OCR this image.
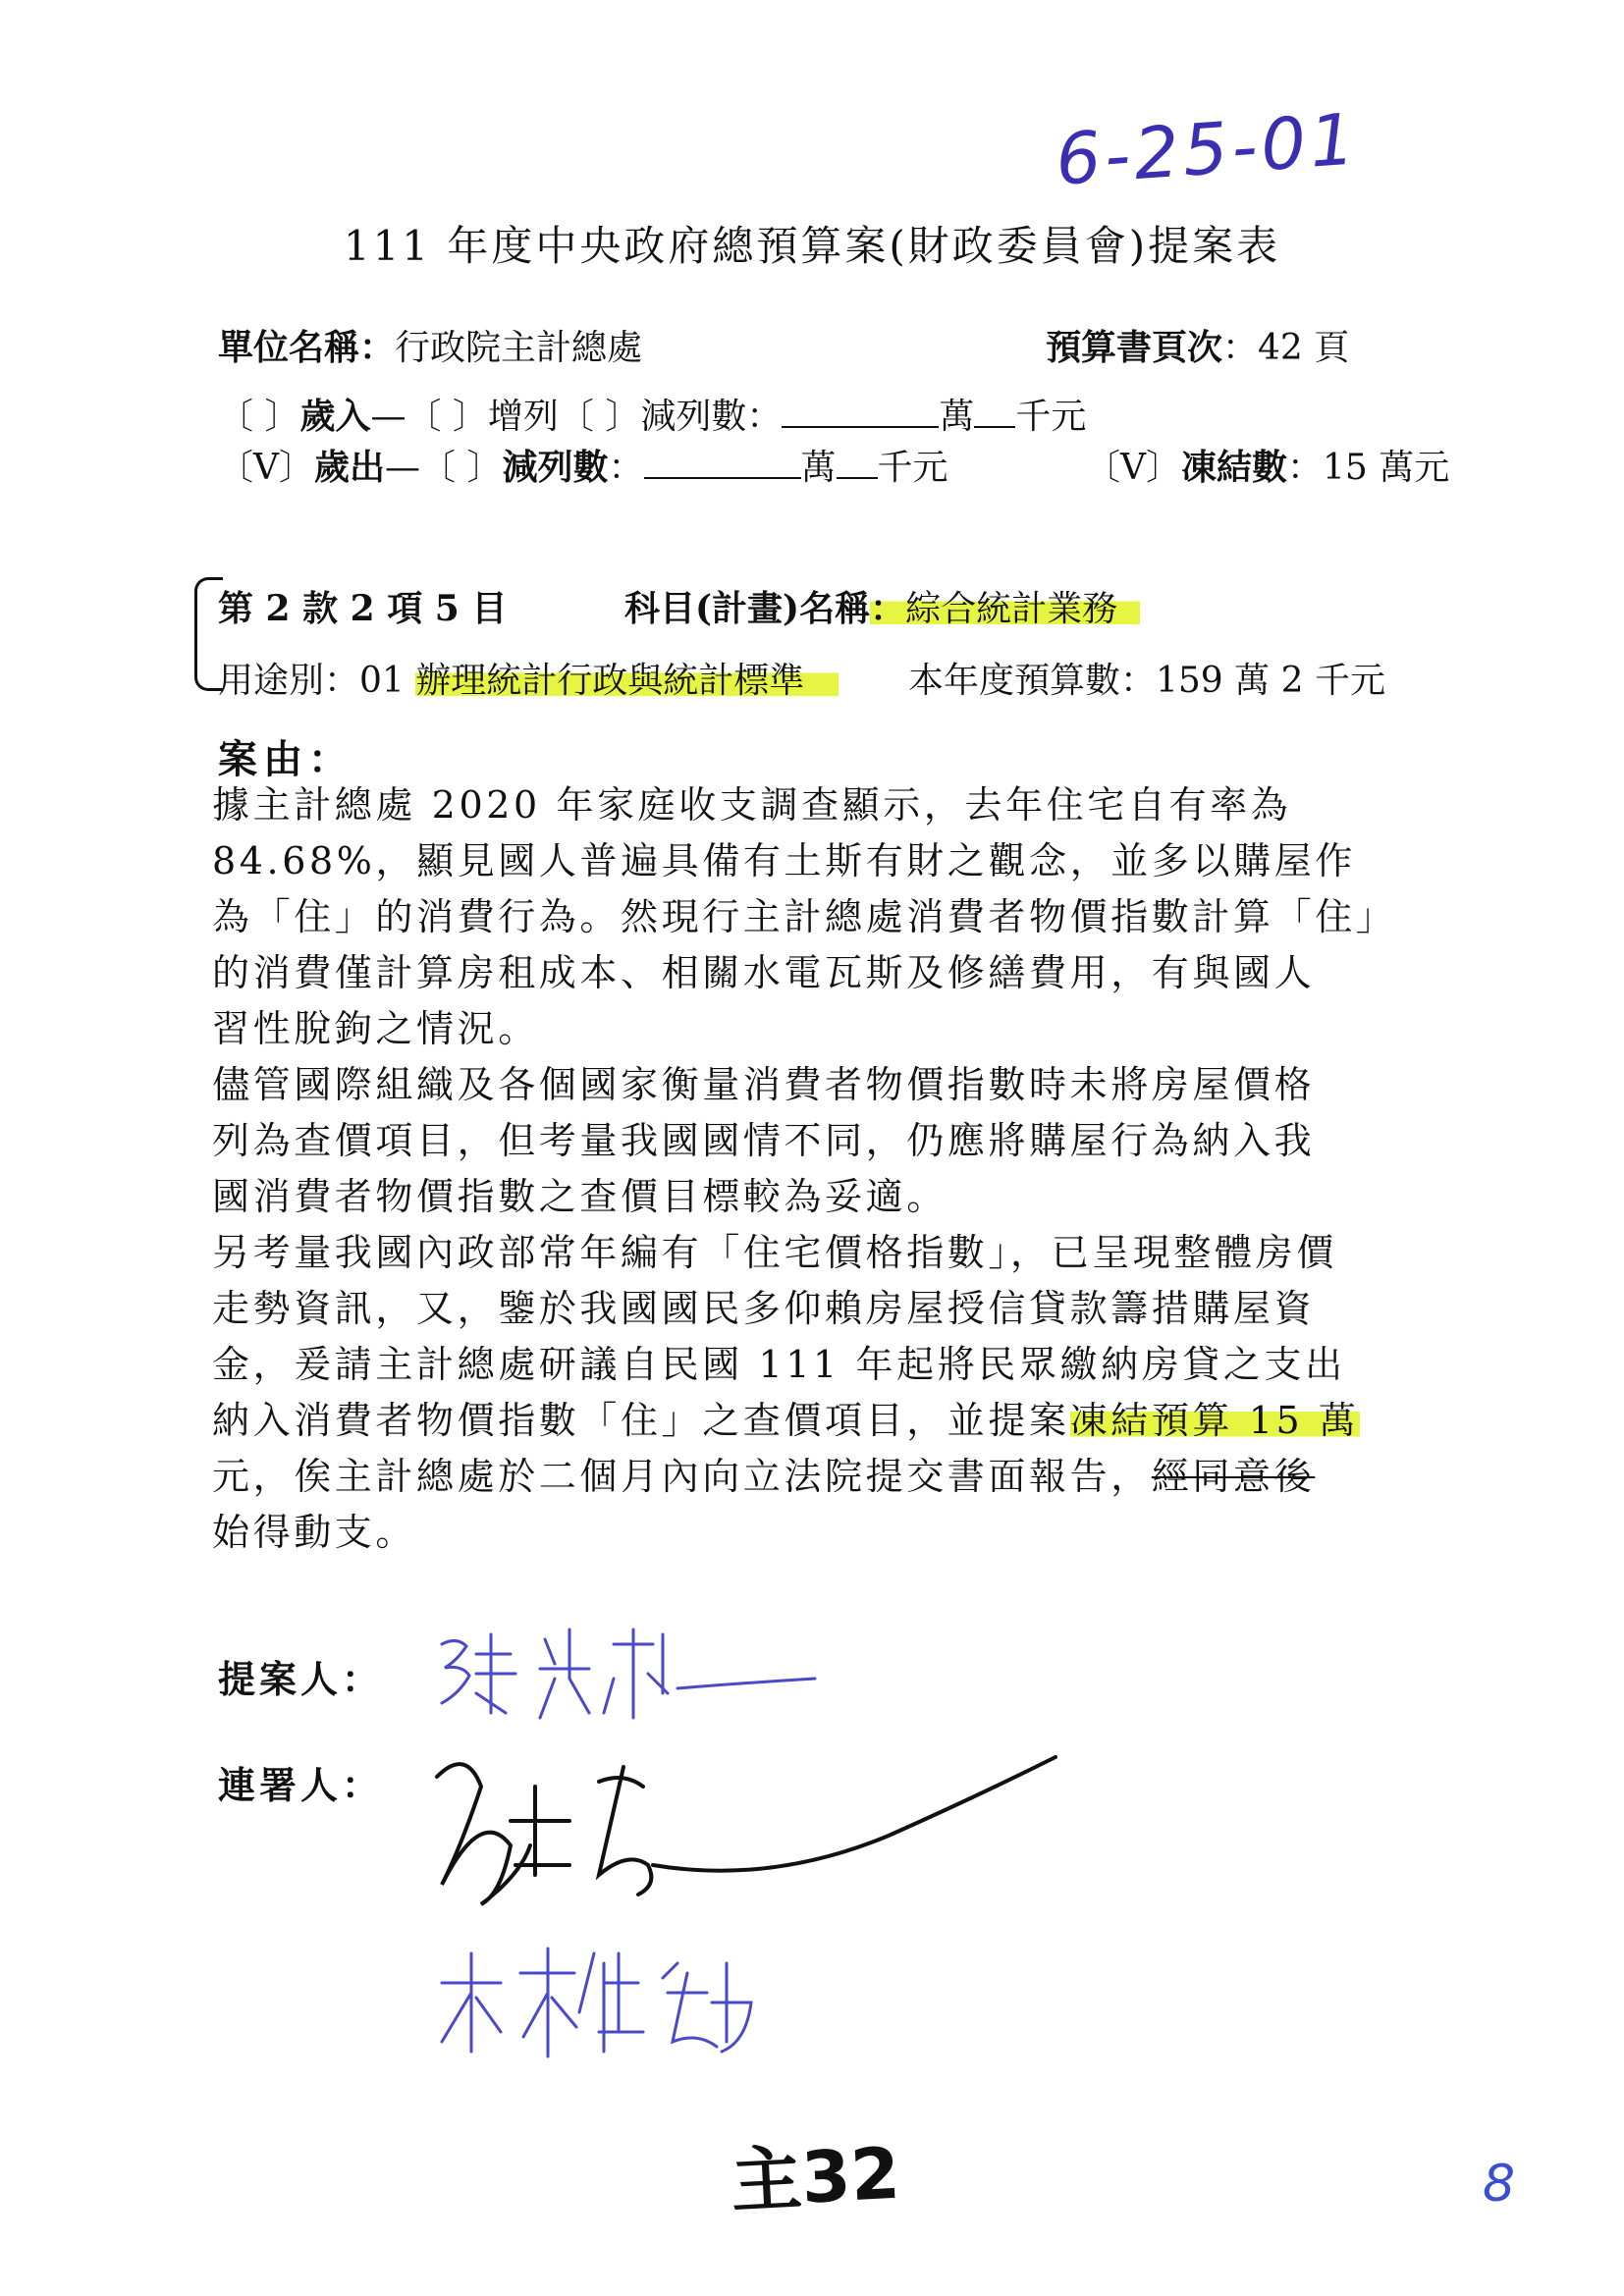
6-25-01
111 年度中央政府總預算案(財政委員會)提案表
單位名稱：行政院主計總處	預算書頁次：42 頁
〔 〕歲入—〔 〕增列〔 〕減列數：	萬 千元
〔V〕歲出—〔 〕減列數：	萬 千元	〔V〕凍結數：15 萬元
第 2 款 2 項 5 目	科目(計畫)名稱：綜合統計業務
用途別：01 辦理統計行政與統計標準	本年度預算數：159 萬 2 千元
案由：
據主計總處 2020 年家庭收支調查顯示，去年住宅自有率為
84.68%，顯見國人普遍具備有土斯有財之觀念，並多以購屋作
為「住」的消費行為。然現行主計總處消費者物價指數計算「住」
的消費僅計算房租成本、相關水電瓦斯及修繕費用，有與國人
習性脫鉤之情況。
儘管國際組織及各個國家衡量消費者物價指數時未將房屋價格
列為查價項目，但考量我國國情不同，仍應將購屋行為納入我
國消費者物價指數之查價目標較為妥適。
另考量我國內政部常年編有「住宅價格指數」，已呈現整體房價
走勢資訊，又，鑒於我國國民多仰賴房屋授信貸款籌措購屋資
金，爰請主計總處研議自民國 111 年起將民眾繳納房貸之支出
納入消費者物價指數「住」之查價項目，並提案凍結預算 15 萬
元，俟主計總處於二個月內向立法院提交書面報告，經同意後
始得動支。
提案人：
連署人：
主32	8
